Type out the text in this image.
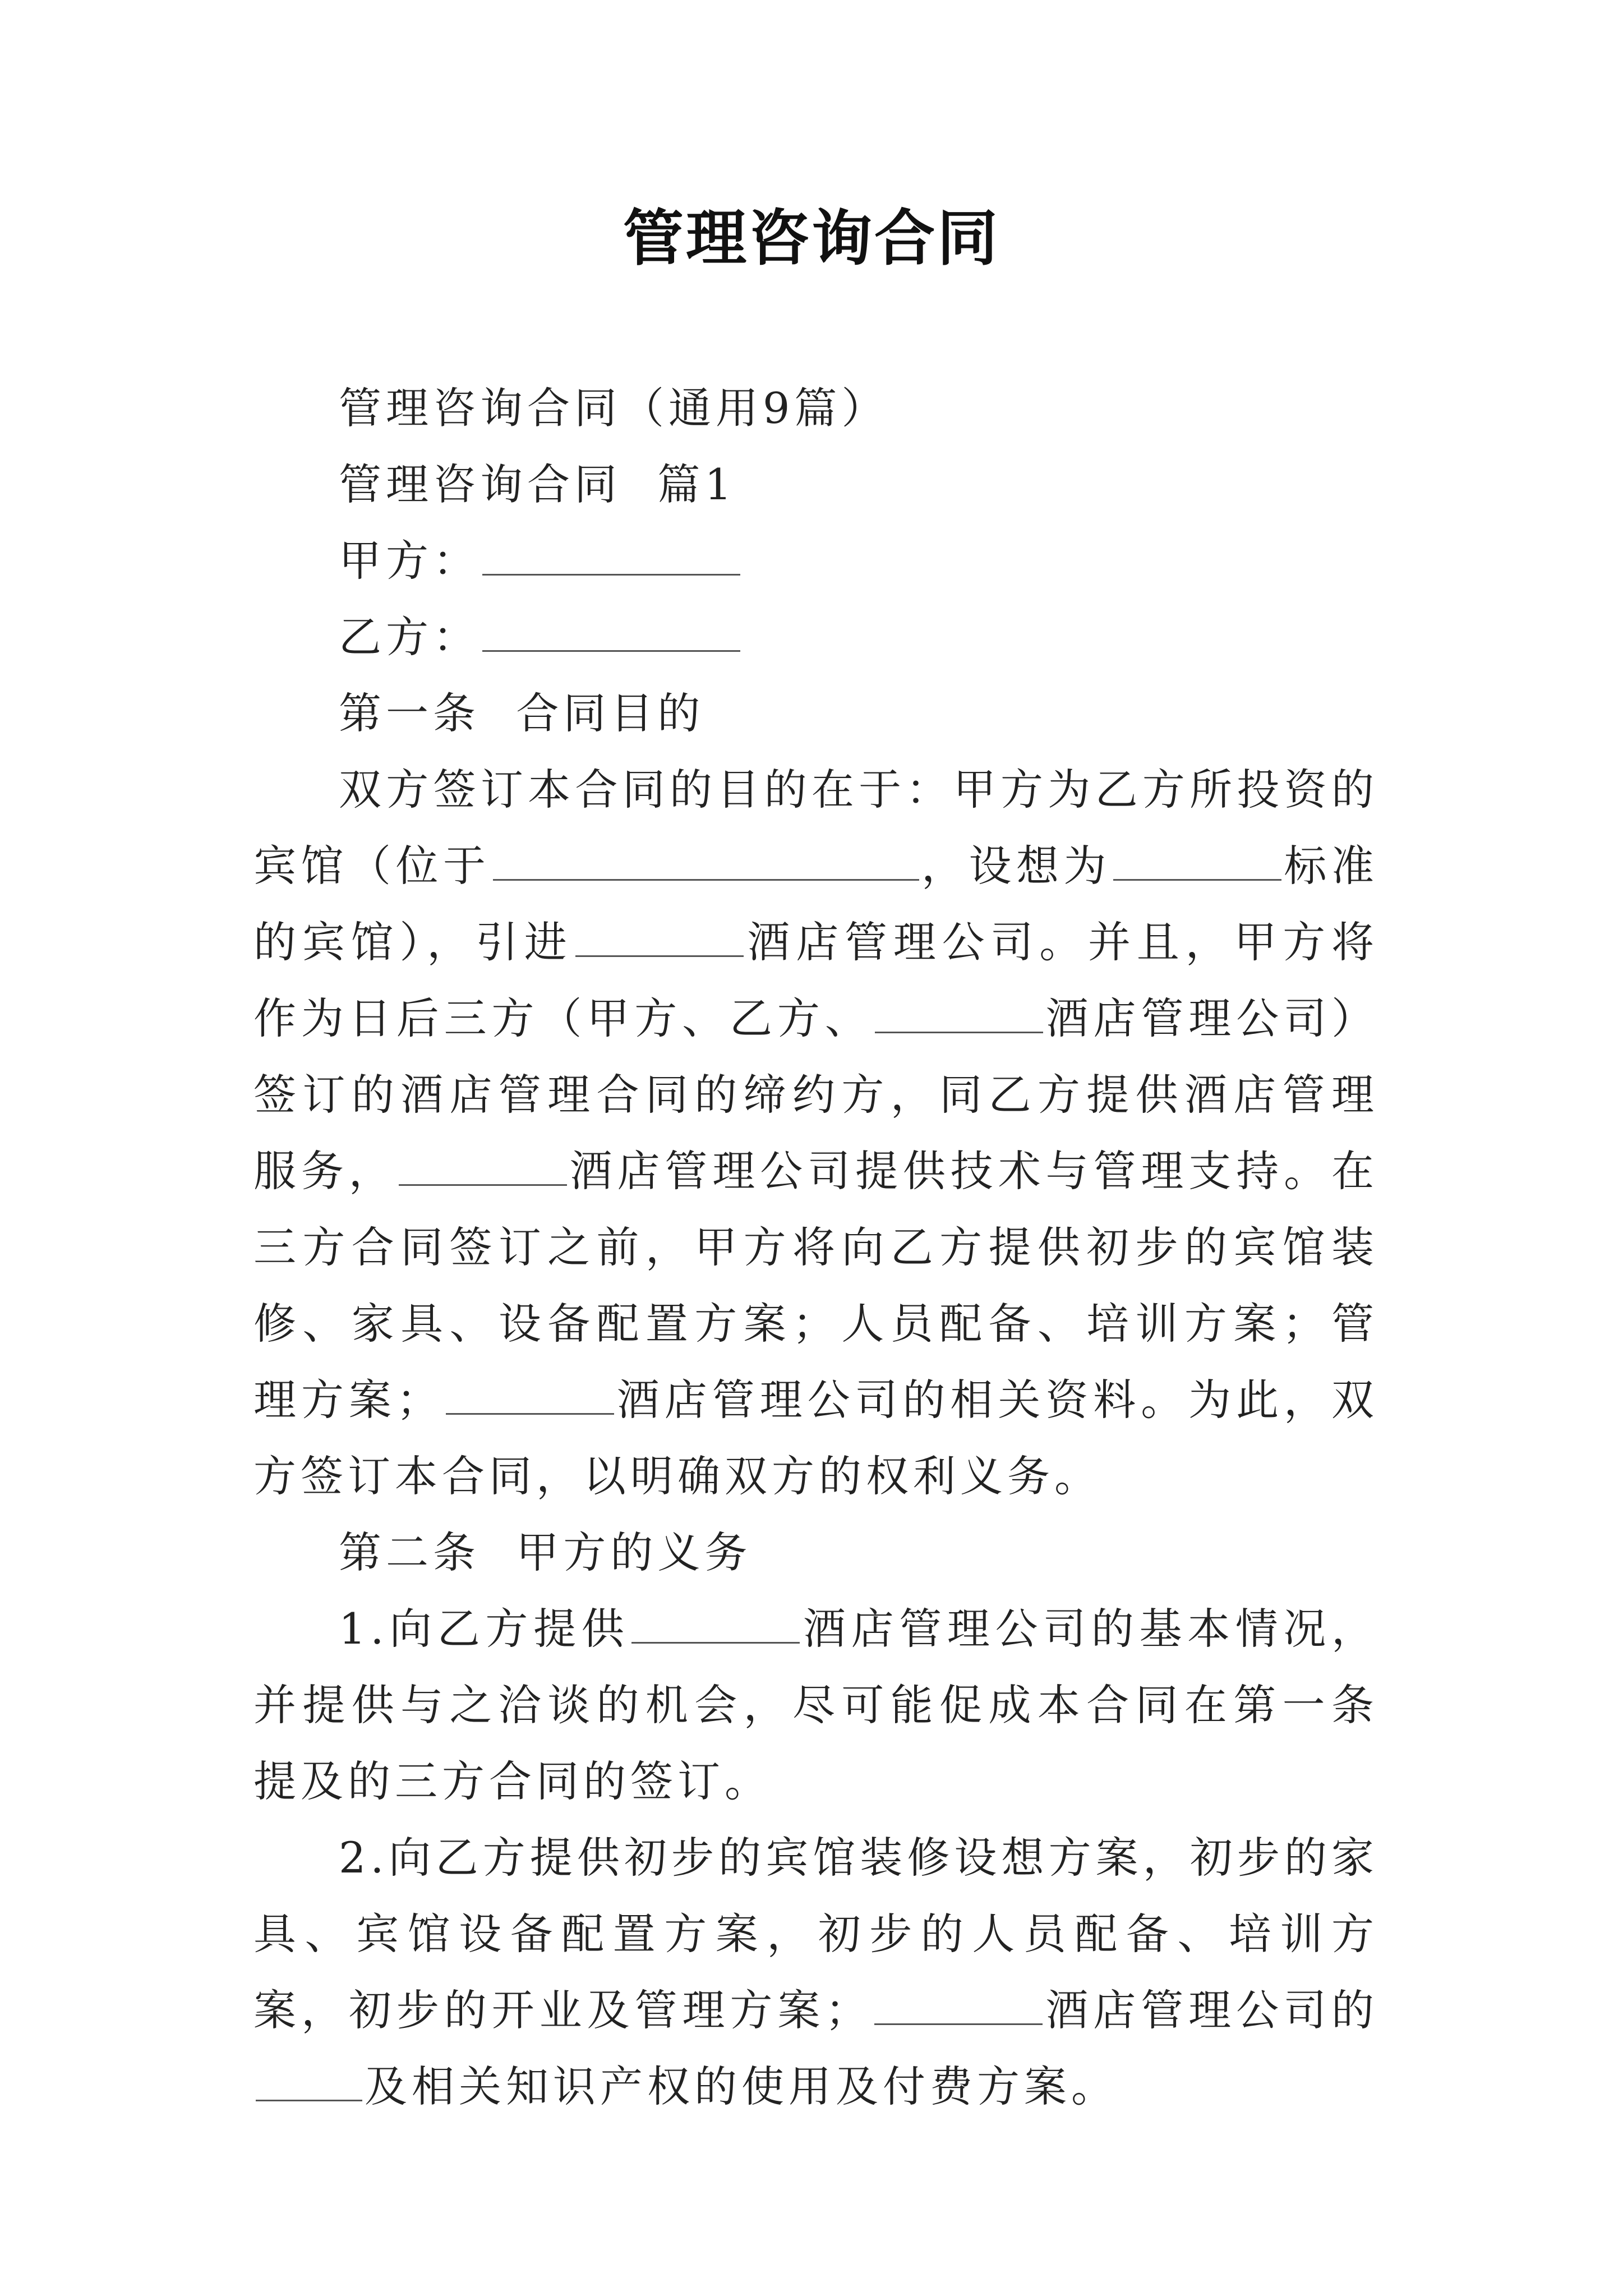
管理咨询合同

管理咨询合同（通用9篇）

管理咨询合同  篇1

甲方：

乙方：

第一条  合同目的

双方签订本合同的目的在于：甲方为乙方所投资的宾馆（位于	，设想为	标准的宾馆），引进	酒店管理公司。并且，甲方将作为日后三方（甲方、乙方、	酒店管理公司）签订的酒店管理合同的缔约方，同乙方提供酒店管理服务，	酒店管理公司提供技术与管理支持。在三方合同签订之前，甲方将向乙方提供初步的宾馆装修、家具、设备配置方案；人员配备、培训方案；管理方案；	酒店管理公司的相关资料。为此，双方签订本合同，以明确双方的权利义务。

第二条  甲方的义务

1.向乙方提供	酒店管理公司的基本情况，并提供与之洽谈的机会，尽可能促成本合同在第一条提及的三方合同的签订。

2.向乙方提供初步的宾馆装修设想方案，初步的家具、宾馆设备配置方案，初步的人员配备、培训方案，初步的开业及管理方案；	酒店管理公司的及相关知识产权的使用及付费方案。
